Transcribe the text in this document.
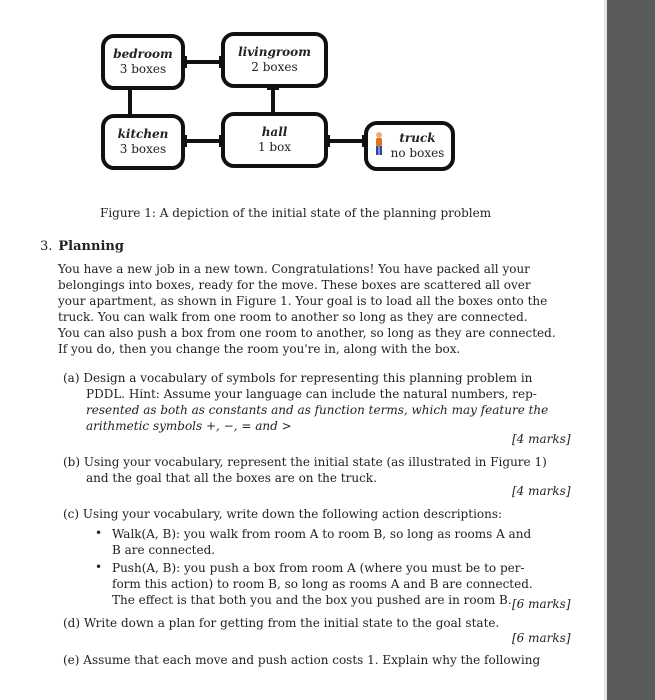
bedroom
3 boxes
livingroom
2 boxes
kitchen
3 boxes
hall
1 box
truck
no boxes
Figure 1: A depiction of the initial state of the planning problem
3. Planning
You have a new job in a new town. Congratulations! You have packed all your
belongings into boxes, ready for the move. These boxes are scattered all over
your apartment, as shown in Figure 1. Your goal is to load all the boxes onto the
truck. You can walk from one room to another so long as they are connected.
You can also push a box from one room to another, so long as they are connected.
If you do, then you change the room you're in, along with the box.
(a) Design a vocabulary of symbols for representing this planning problem in
PDDL. Hint: Assume your language can include the natural numbers, rep-
resented as both as constants and as function terms, which may feature the
arithmetic symbols +, −, = and >
[4 marks]
(b) Using your vocabulary, represent the initial state (as illustrated in Figure 1)
and the goal that all the boxes are on the truck.
[4 marks]
(c) Using your vocabulary, write down the following action descriptions:
• Walk(A, B): you walk from room A to room B, so long as rooms A and
B are connected.
• Push(A, B): you push a box from room A (where you must be to per-
form this action) to room B, so long as rooms A and B are connected.
The effect is that both you and the box you pushed are in room B. [6 marks]
(d) Write down a plan for getting from the initial state to the goal state.
[6 marks]
(e) Assume that each move and push action costs 1. Explain why the following
